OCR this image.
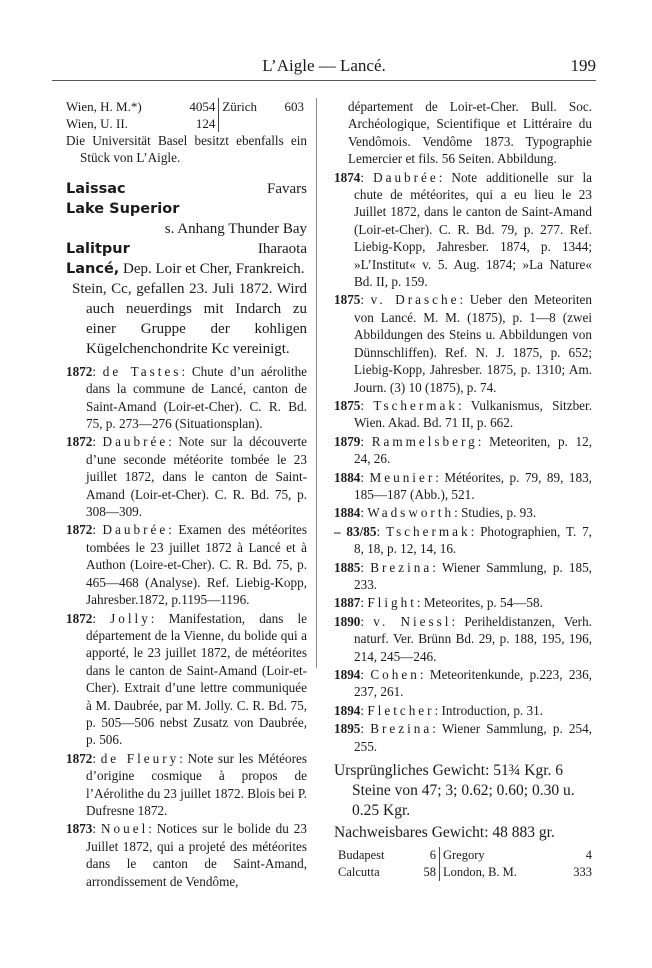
L’Aigle — Lancé.	199
Wien, H. M.*)	4054	Zürich	603
Wien, U. II.	124		

Die Universität Basel besitzt ebenfalls ein Stück von L’Aigle.

Laissac	Favars
Lake Superior
s. Anhang Thunder Bay
Lalitpur	Iharaota
Lancé, Dep. Loir et Cher, Frankreich.
Stein, Cc, gefallen 23. Juli 1872. Wird auch neuerdings mit Indarch zu einer Gruppe der kohligen Kügelchenchondrite Kc vereinigt.

1872: de Tastes: Chute d’un aérolithe dans la commune de Lancé, canton de Saint-Amand (Loir-et-Cher). C. R. Bd. 75, p. 273—276 (Situationsplan).

1872: Daubrée: Note sur la découverte d’une seconde météorite tombée le 23 juillet 1872, dans le canton de Saint-Amand (Loir-et-Cher). C. R. Bd. 75, p. 308—309.

1872: Daubrée: Examen des météorites tombées le 23 juillet 1872 à Lancé et à Authon (Loire-et-Cher). C. R. Bd. 75, p. 465—468 (Analyse). Ref. Liebig-Kopp, Jahresber.1872, p.1195—1196.

1872: Jolly: Manifestation, dans le département de la Vienne, du bolide qui a apporté, le 23 juillet 1872, de météorites dans le canton de Saint-Amand (Loir-et-Cher). Extrait d’une lettre communiquée à M. Daubrée, par M. Jolly. C. R. Bd. 75, p. 505—506 nebst Zusatz von Daubrée, p. 506.

1872: de Fleury: Note sur les Météores d’origine cosmique à propos de l’Aérolithe du 23 juillet 1872. Blois bei P. Dufresne 1872.

1873: Nouel: Notices sur le bolide du 23 Juillet 1872, qui a projeté des météorites dans le canton de Saint-Amand, arrondissement de Vendôme,

département de Loir-et-Cher. Bull. Soc. Archéologique, Scientifique et Littéraire du Vendômois. Vendôme 1873. Typographie Lemercier et fils. 56 Seiten. Abbildung.

1874: Daubrée: Note additionelle sur la chute de météorites, qui a eu lieu le 23 Juillet 1872, dans le canton de Saint-Amand (Loir-et-Cher). C. R. Bd. 79, p. 277. Ref. Liebig-Kopp, Jahresber. 1874, p. 1344; »L’Institut« v. 5. Aug. 1874; »La Nature« Bd. II, p. 159.

1875: v. Drasche: Ueber den Meteoriten von Lancé. M. M. (1875), p. 1—8 (zwei Abbildungen des Steins u. Abbildungen von Dünnschliffen). Ref. N. J. 1875, p. 652; Liebig-Kopp, Jahresber. 1875, p. 1310; Am. Journ. (3) 10 (1875), p. 74.

1875: Tschermak: Vulkanismus, Sitzber. Wien. Akad. Bd. 71 II, p. 662.

1879: Rammelsberg: Meteoriten, p. 12, 24, 26.

1884: Meunier: Météorites, p. 79, 89, 183, 185—187 (Abb.), 521.

1884: Wadsworth: Studies, p. 93.

– 83/85: Tschermak: Photographien, T. 7, 8, 18, p. 12, 14, 16.

1885: Brezina: Wiener Sammlung, p. 185, 233.

1887: Flight: Meteorites, p. 54—58.

1890: v. Niessl: Periheldistanzen, Verh. naturf. Ver. Brünn Bd. 29, p. 188, 195, 196, 214, 245—246.

1894: Cohen: Meteoritenkunde, p.223, 236, 237, 261.

1894: Fletcher: Introduction, p. 31.

1895: Brezina: Wiener Sammlung, p. 254, 255.

Ursprüngliches Gewicht: 51¾ Kgr. 6 Steine von 47; 3; 0.62; 0.60; 0.30 u. 0.25 Kgr.
Nachweisbares Gewicht: 48 883 gr.
Budapest	6	Gregory	4
Calcutta	58	London, B. M.	333
